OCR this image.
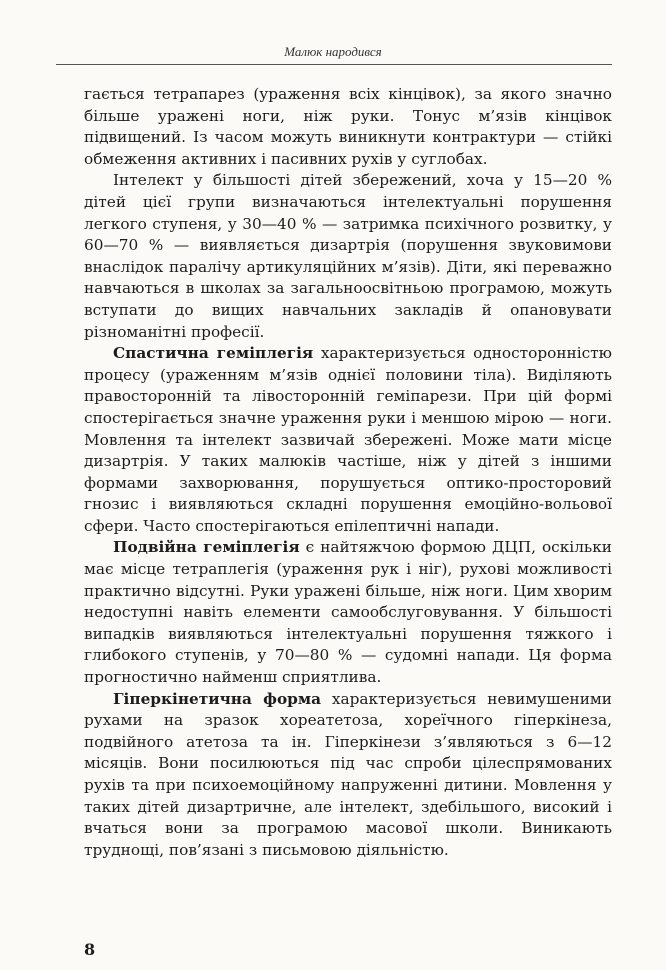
Малюк народився

гається тетрапарез (ураження всіх кінцівок), за якого значно більше уражені ноги, ніж руки. Тонус м’язів кінцівок підвищений. Із часом можуть виникнути контрактури — стійкі обмеження активних і пасивних рухів у суглобах.

Інтелект у більшості дітей збережений, хоча у 15—20 % дітей цієї групи визначаються інтелектуальні порушення легкого ступеня, у 30—40 % — затримка психічного розвитку, у 60—70 % — виявляється дизартрія (порушення звуковимови внаслідок паралічу артикуляційних м’язів). Діти, які переважно навчаються в школах за загальноосвітньою програмою, можуть вступати до вищих навчальних закладів й опановувати різноманітні професії.

Спастична геміплегія характеризується односторонністю процесу (ураженням м’язів однієї половини тіла). Виділяють правосторонній та лівосторонній геміпарези. При цій формі спостерігається значне ураження руки і меншою мірою — ноги. Мовлення та інтелект зазвичай збережені. Може мати місце дизартрія. У таких малюків частіше, ніж у дітей з іншими формами захворювання, порушується оптико-просторовий гнозис і виявляються складні порушення емоційно-вольової сфери. Часто спостерігаються епілептичні напади.

Подвійна геміплегія є найтяжчою формою ДЦП, оскільки має місце тетраплегія (ураження рук і ніг), рухові можливості практично відсутні. Руки уражені більше, ніж ноги. Цим хворим недоступні навіть елементи самообслуговування. У більшості випадків виявляються інтелектуальні порушення тяжкого і глибокого ступенів, у 70—80 % — судомні напади. Ця форма прогностично найменш сприятлива.

Гіперкінетична форма характеризується невимушеними рухами на зразок хореатетоза, хореїчного гіперкінеза, подвійного атетоза та ін. Гіперкінези з’являються з 6—12 місяців. Вони посилюються під час спроби цілеспрямованих рухів та при психоемоційному напруженні дитини. Мовлення у таких дітей дизартричне, але інтелект, здебільшого, високий і вчаться вони за програмою масової школи. Виникають труднощі, пов’язані з письмовою діяльністю.

8
